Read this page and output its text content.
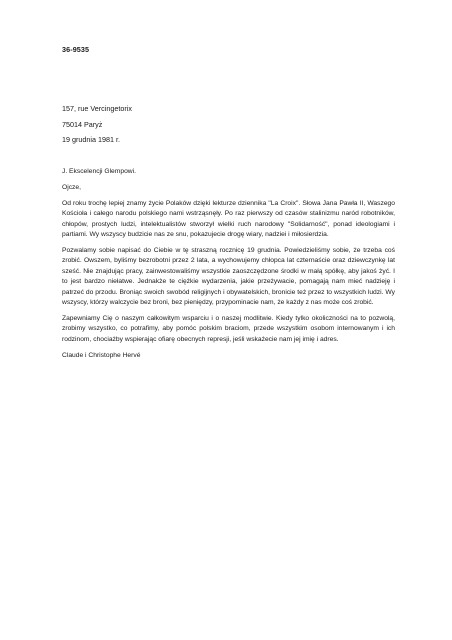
36-9535
157, rue Vercingetorix
75014 Paryż
19 grudnia 1981 r.

J. Ekscelencji Glempowi.

Ojcze,

Od roku trochę lepiej znamy życie Polaków dzięki lekturze dziennika "La Croix". Słowa Jana Pawła II, Waszego Kościoła i całego narodu polskiego nami wstrząsnęły. Po raz pierwszy od czasów stalinizmu naród robotników, chłopów, prostych ludzi, intelektualistów stworzył wielki ruch narodowy "Solidarność", ponad ideologiami i partiami. Wy wszyscy budzicie nas ze snu, pokazujecie drogę wiary, nadziei i miłosierdzia.

Pozwalamy sobie napisać do Ciebie w tę straszną rocznicę 19 grudnia. Powiedzieliśmy sobie, że trzeba coś zrobić. Owszem, byliśmy bezrobotni przez 2 lata, a wychowujemy chłopca lat czternaście oraz dziewczynkę lat sześć. Nie znajdując pracy, zainwestowaliśmy wszystkie zaoszczędzone środki w małą spółkę, aby jakoś żyć. I to jest bardzo niełatwe. Jednakże te ciężkie wydarzenia, jakie przeżywacie, pomagają nam mieć nadzieję i patrzeć do przodu. Broniąc swoich swobód religijnych i obywatelskich, bronicie też przez to wszystkich ludzi. Wy wszyscy, którzy walczycie bez broni, bez pieniędzy, przypominacie nam, że każdy z nas może coś zrobić.

Zapewniamy Cię o naszym całkowitym wsparciu i o naszej modlitwie. Kiedy tylko okoliczności na to pozwolą, zrobimy wszystko, co potrafimy, aby pomóc polskim braciom, przede wszystkim osobom internowanym i ich rodzinom, chociażby wspierając ofiarę obecnych represji, jeśli wskażecie nam jej imię i adres.

Claude i Christophe Hervé
